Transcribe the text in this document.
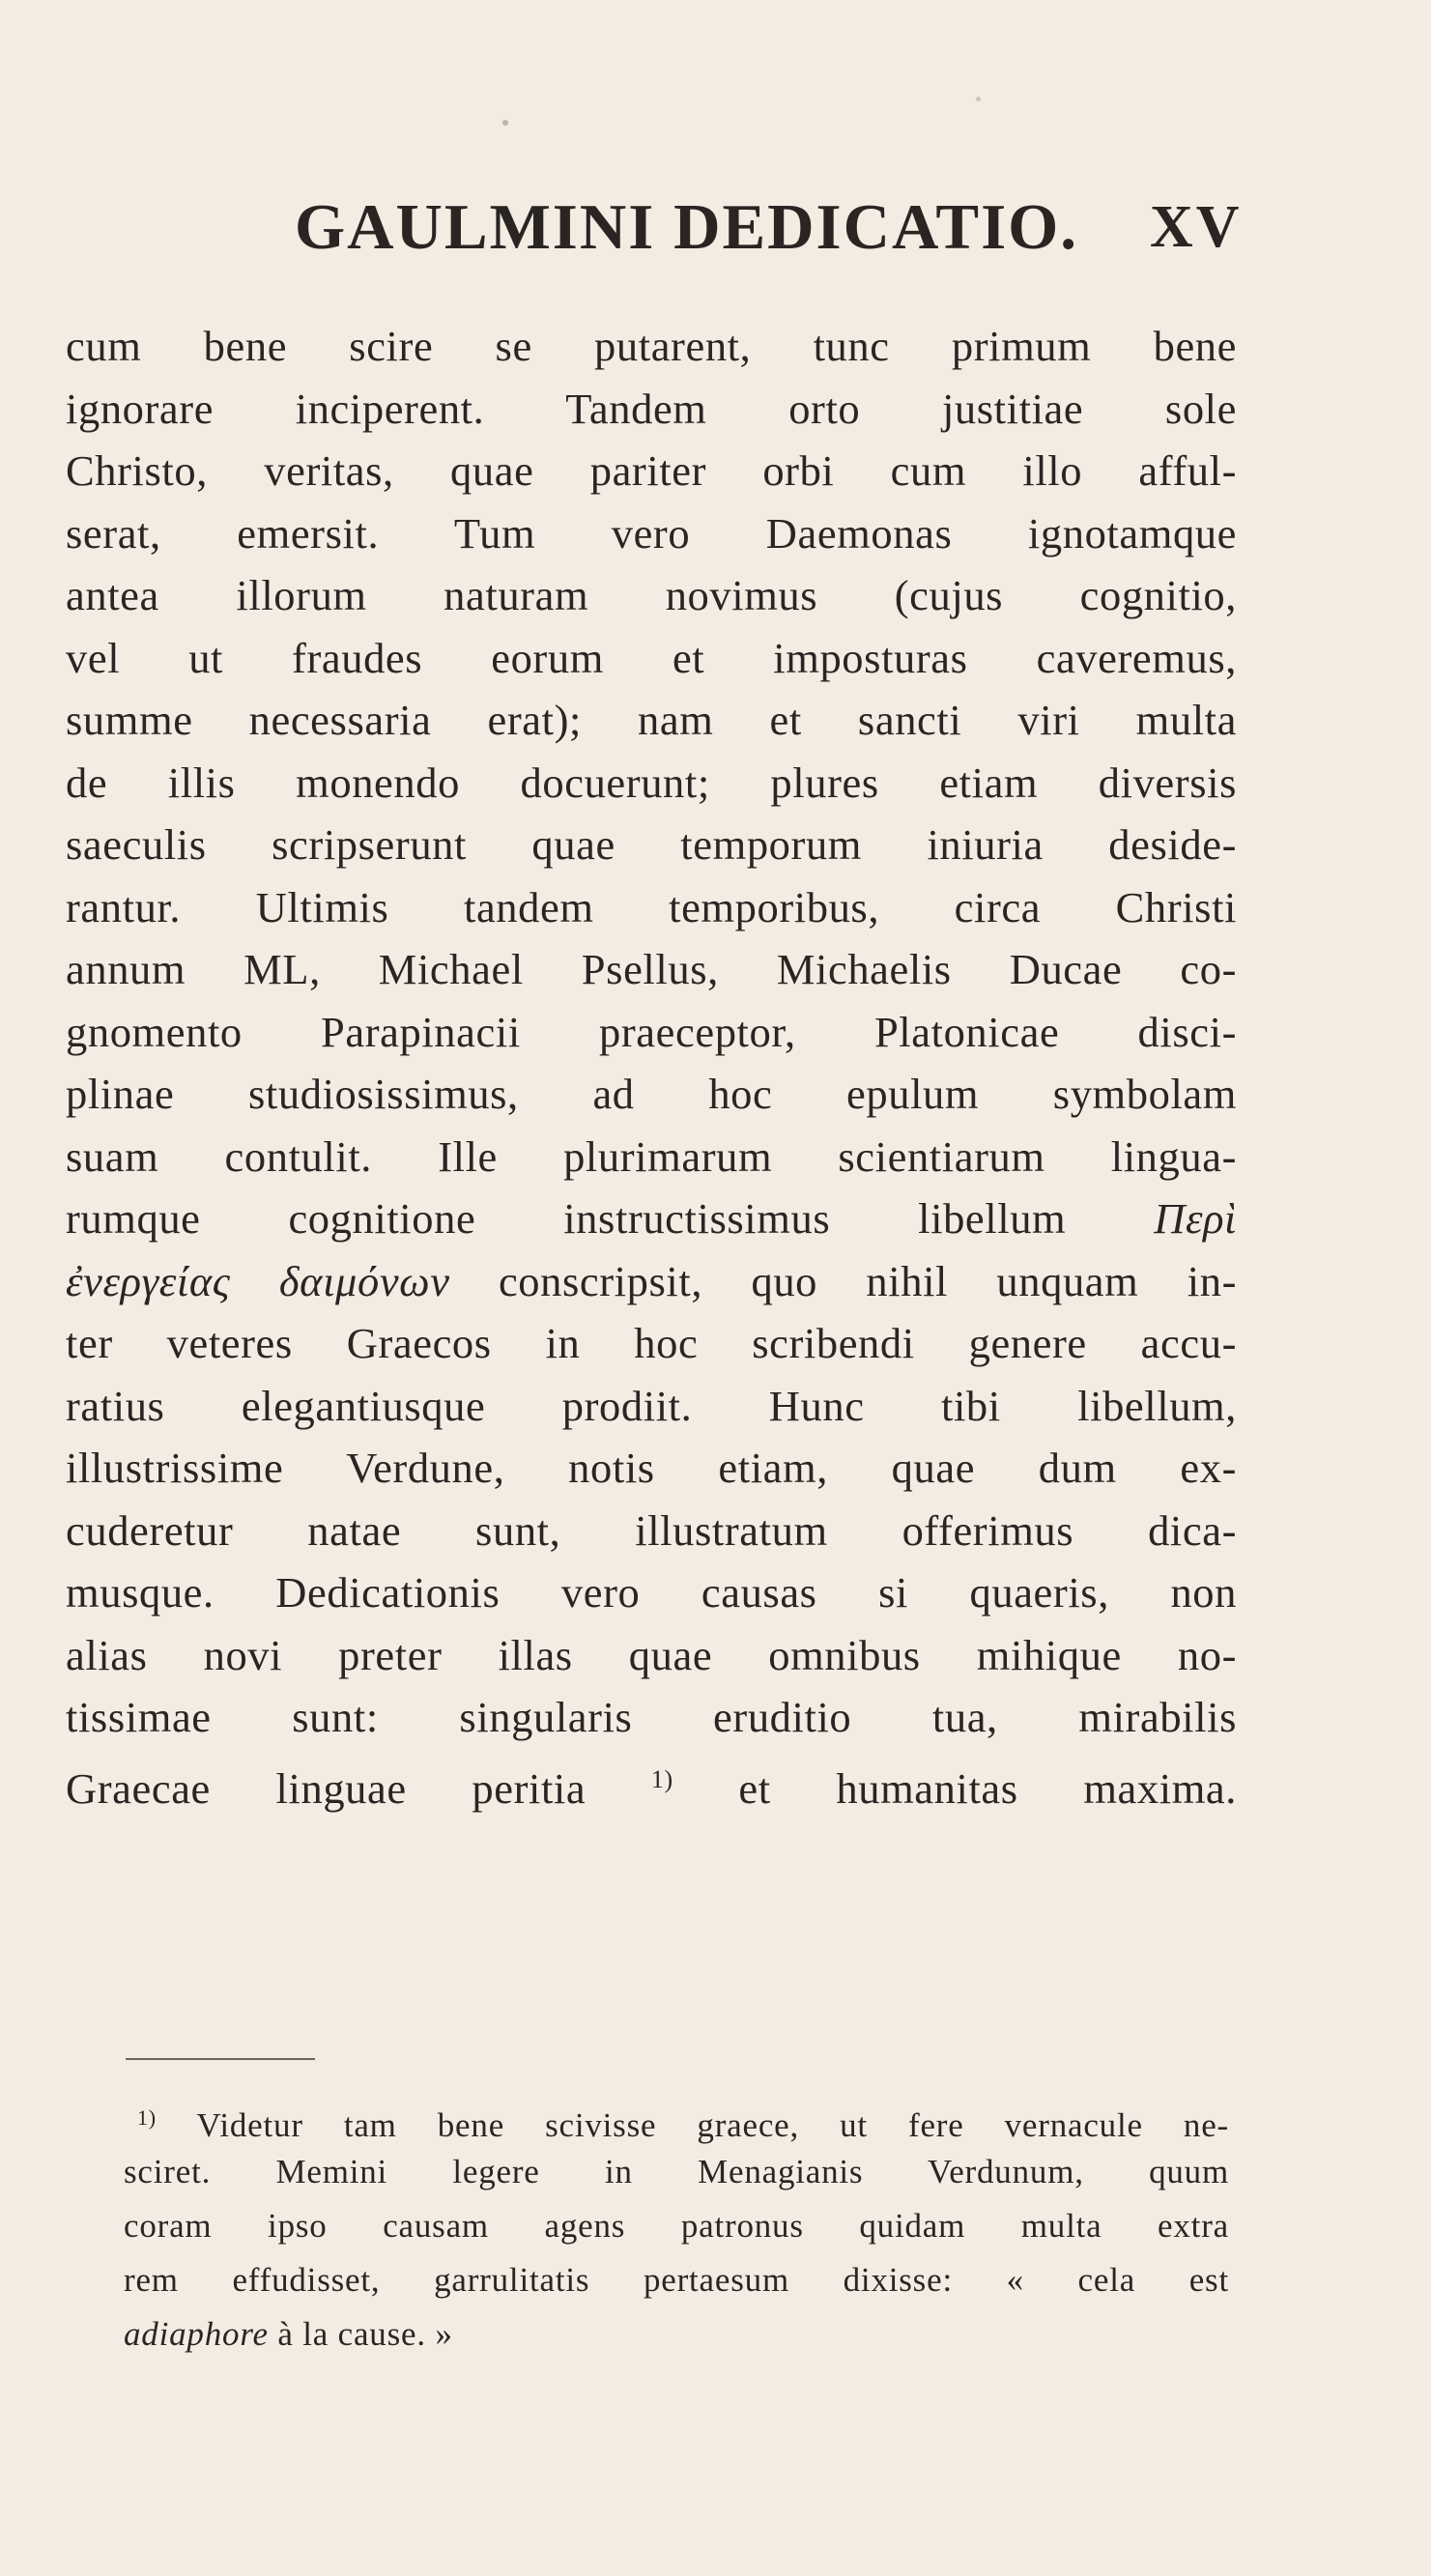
GAULMINI DEDICATIO. XV
cum bene scire se putarent, tunc primum bene
ignorare inciperent. Tandem orto justitiae sole
Christo, veritas, quae pariter orbi cum illo afful-
serat, emersit. Tum vero Daemonas ignotamque
antea illorum naturam novimus (cujus cognitio,
vel ut fraudes eorum et imposturas caveremus,
summe necessaria erat); nam et sancti viri multa
de illis monendo docuerunt; plures etiam diversis
saeculis scripserunt quae temporum iniuria deside-
rantur. Ultimis tandem temporibus, circa Christi
annum ML, Michael Psellus, Michaelis Ducae co-
gnomento Parapinacii praeceptor, Platonicae disci-
plinae studiosissimus, ad hoc epulum symbolam
suam contulit. Ille plurimarum scientiarum lingua-
rumque cognitione instructissimus libellum Περὶ
ἐνεργείας δαιμόνων conscripsit, quo nihil unquam in-
ter veteres Graecos in hoc scribendi genere accu-
ratius elegantiusque prodiit. Hunc tibi libellum,
illustrissime Verdune, notis etiam, quae dum ex-
cuderetur natae sunt, illustratum offerimus dica-
musque. Dedicationis vero causas si quaeris, non
alias novi preter illas quae omnibus mihique no-
tissimae sunt: singularis eruditio tua, mirabilis
Graecae linguae peritia	$^{1)}$ et humanitas maxima.
$^{1)}$ Videtur tam bene scivisse graece, ut fere vernacule ne-
sciret. Memini legere in Menagianis Verdunum, quum
coram ipso causam agens patronus quidam multa extra
rem effudisset, garrulitatis pertaesum dixisse: « cela est
adiaphore à la cause. »
